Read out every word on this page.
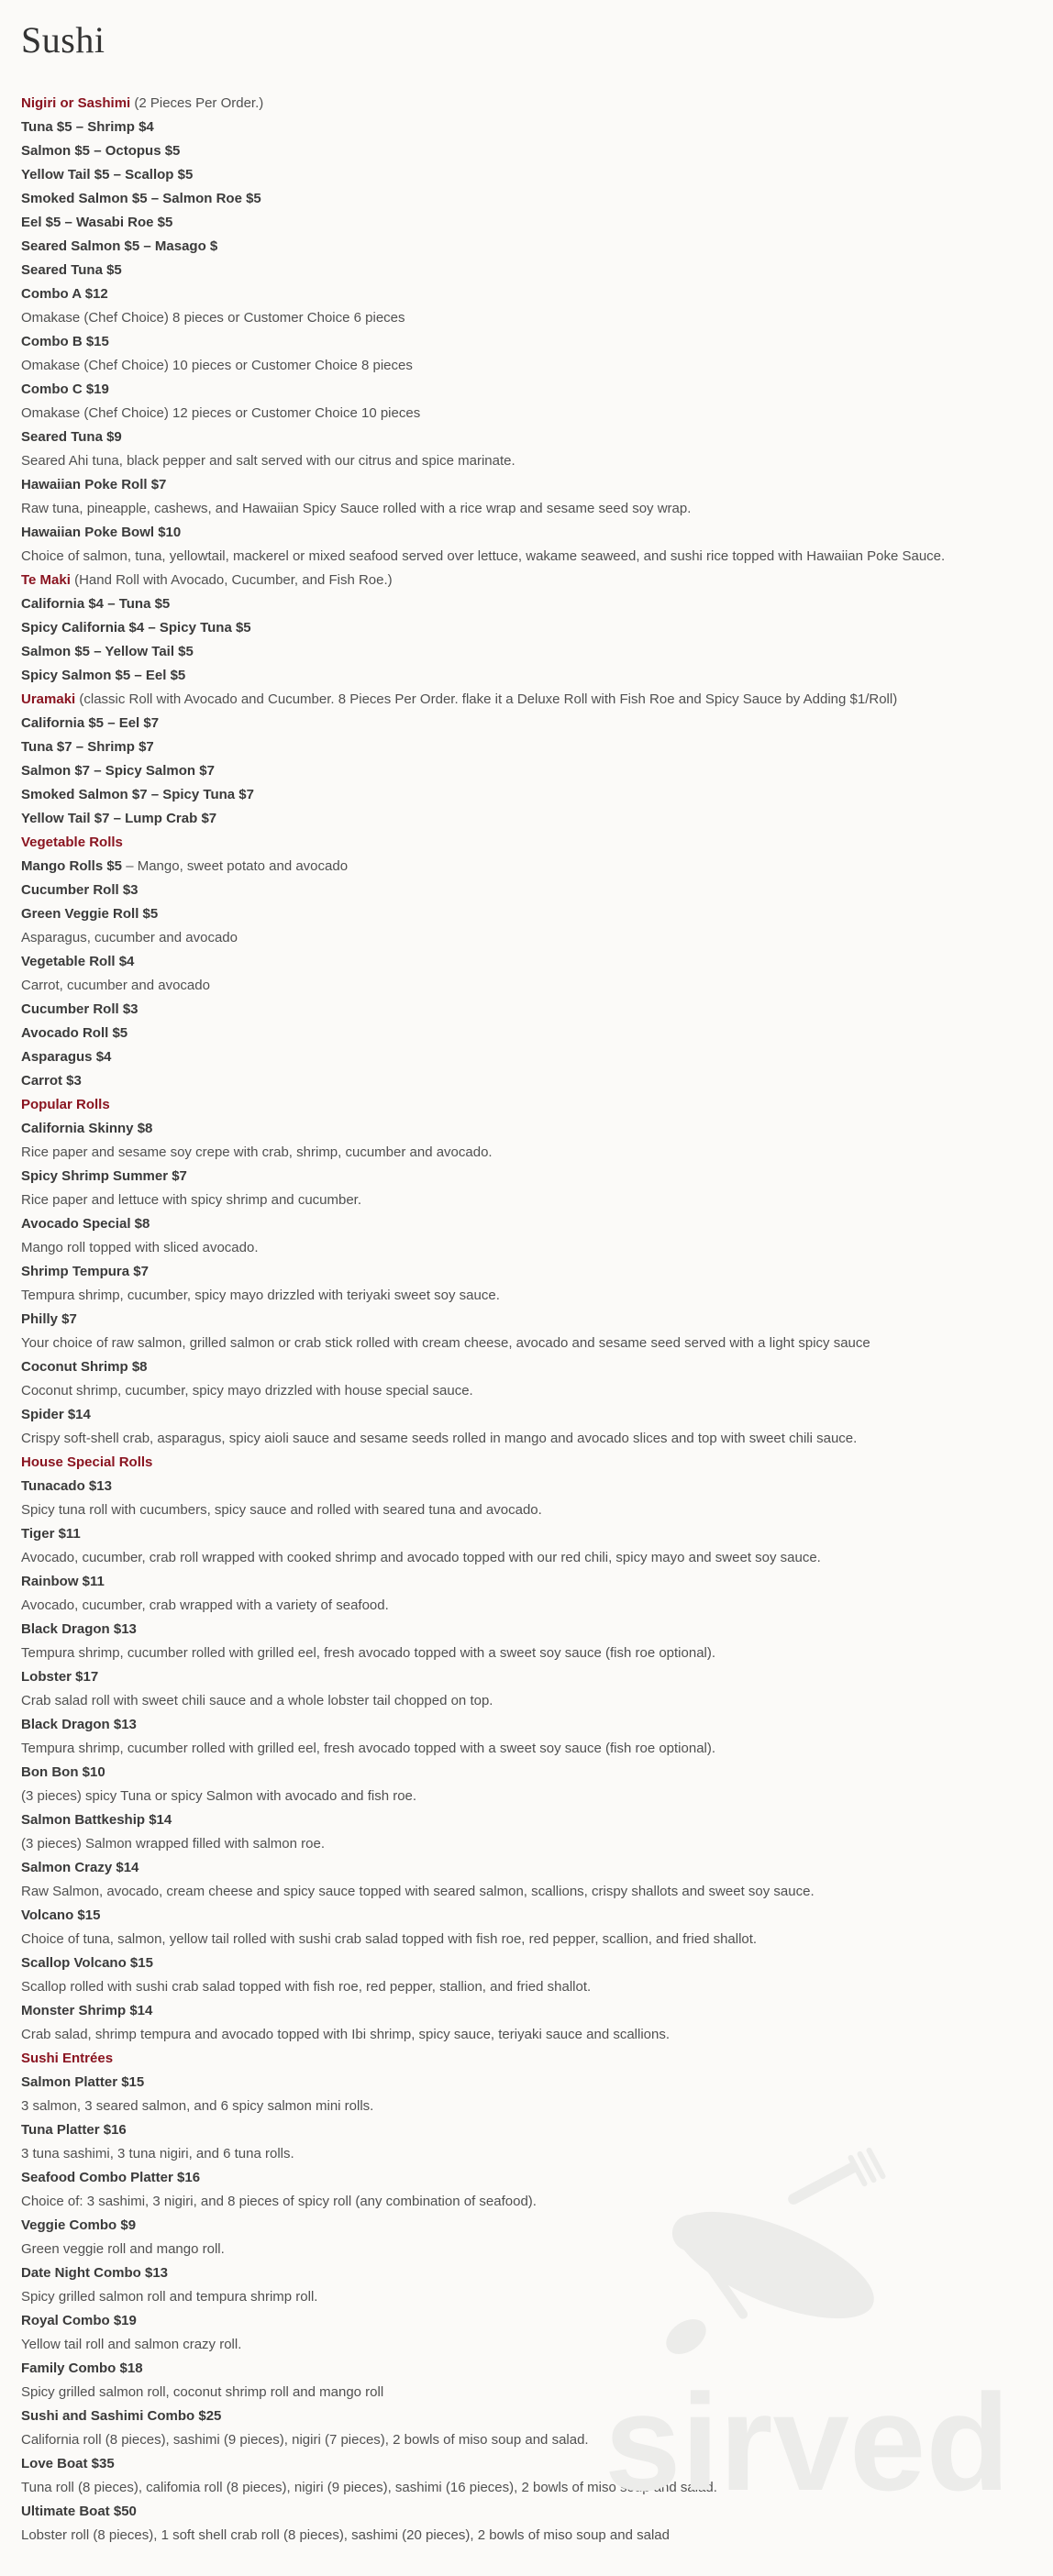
Sushi
Nigiri or Sashimi (2 Pieces Per Order.)
Tuna $5 – Shrimp $4
Salmon $5 – Octopus $5
Yellow Tail $5 – Scallop $5
Smoked Salmon $5 – Salmon Roe $5
Eel $5 – Wasabi Roe $5
Seared Salmon $5 – Masago $
Seared Tuna $5
Combo A $12
Omakase (Chef Choice) 8 pieces or Customer Choice 6 pieces
Combo B $15
Omakase (Chef Choice) 10 pieces or Customer Choice 8 pieces
Combo C $19
Omakase (Chef Choice) 12 pieces or Customer Choice 10 pieces
Seared Tuna $9
Seared Ahi tuna, black pepper and salt served with our citrus and spice marinate.
Hawaiian Poke Roll $7
Raw tuna, pineapple, cashews, and Hawaiian Spicy Sauce rolled with a rice wrap and sesame seed soy wrap.
Hawaiian Poke Bowl $10
Choice of salmon, tuna, yellowtail, mackerel or mixed seafood served over lettuce, wakame seaweed, and sushi rice topped with Hawaiian Poke Sauce.
Te Maki (Hand Roll with Avocado, Cucumber, and Fish Roe.)
California $4 – Tuna $5
Spicy California $4 – Spicy Tuna $5
Salmon $5 – Yellow Tail $5
Spicy Salmon $5 – Eel $5
Uramaki (classic Roll with Avocado and Cucumber. 8 Pieces Per Order. flake it a Deluxe Roll with Fish Roe and Spicy Sauce by Adding $1/Roll)
California $5 – Eel $7
Tuna $7 – Shrimp $7
Salmon $7 – Spicy Salmon $7
Smoked Salmon $7 – Spicy Tuna $7
Yellow Tail $7 – Lump Crab $7
Vegetable Rolls
Mango Rolls $5 – Mango, sweet potato and avocado
Cucumber Roll $3
Green Veggie Roll $5
Asparagus, cucumber and avocado
Vegetable Roll $4
Carrot, cucumber and avocado
Cucumber Roll $3
Avocado Roll $5
Asparagus $4
Carrot $3
Popular Rolls
California Skinny $8
Rice paper and sesame soy crepe with crab, shrimp, cucumber and avocado.
Spicy Shrimp Summer $7
Rice paper and lettuce with spicy shrimp and cucumber.
Avocado Special $8
Mango roll topped with sliced avocado.
Shrimp Tempura $7
Tempura shrimp, cucumber, spicy mayo drizzled with teriyaki sweet soy sauce.
Philly $7
Your choice of raw salmon, grilled salmon or crab stick rolled with cream cheese, avocado and sesame seed served with a light spicy sauce
Coconut Shrimp $8
Coconut shrimp, cucumber, spicy mayo drizzled with house special sauce.
Spider $14
Crispy soft-shell crab, asparagus, spicy aioli sauce and sesame seeds rolled in mango and avocado slices and top with sweet chili sauce.
House Special Rolls
Tunacado $13
Spicy tuna roll with cucumbers, spicy sauce and rolled with seared tuna and avocado.
Tiger $11
Avocado, cucumber, crab roll wrapped with cooked shrimp and avocado topped with our red chili, spicy mayo and sweet soy sauce.
Rainbow $11
Avocado, cucumber, crab wrapped with a variety of seafood.
Black Dragon $13
Tempura shrimp, cucumber rolled with grilled eel, fresh avocado topped with a sweet soy sauce (fish roe optional).
Lobster $17
Crab salad roll with sweet chili sauce and a whole lobster tail chopped on top.
Black Dragon $13
Tempura shrimp, cucumber rolled with grilled eel, fresh avocado topped with a sweet soy sauce (fish roe optional).
Bon Bon $10
(3 pieces) spicy Tuna or spicy Salmon with avocado and fish roe.
Salmon Battkeship $14
(3 pieces) Salmon wrapped filled with salmon roe.
Salmon Crazy $14
Raw Salmon, avocado, cream cheese and spicy sauce topped with seared salmon, scallions, crispy shallots and sweet soy sauce.
Volcano $15
Choice of tuna, salmon, yellow tail rolled with sushi crab salad topped with fish roe, red pepper, scallion, and fried shallot.
Scallop Volcano $15
Scallop rolled with sushi crab salad topped with fish roe, red pepper, stallion, and fried shallot.
Monster Shrimp $14
Crab salad, shrimp tempura and avocado topped with Ibi shrimp, spicy sauce, teriyaki sauce and scallions.
Sushi Entrées
Salmon Platter $15
3 salmon, 3 seared salmon, and 6 spicy salmon mini rolls.
Tuna Platter $16
3 tuna sashimi, 3 tuna nigiri, and 6 tuna rolls.
Seafood Combo Platter $16
Choice of: 3 sashimi, 3 nigiri, and 8 pieces of spicy roll (any combination of seafood).
Veggie Combo $9
Green veggie roll and mango roll.
Date Night Combo $13
Spicy grilled salmon roll and tempura shrimp roll.
Royal Combo $19
Yellow tail roll and salmon crazy roll.
Family Combo $18
Spicy grilled salmon roll, coconut shrimp roll and mango roll
Sushi and Sashimi Combo $25
California roll (8 pieces), sashimi (9 pieces), nigiri (7 pieces), 2 bowls of miso soup and salad.
Love Boat $35
Tuna roll (8 pieces), califomia roll (8 pieces), nigiri (9 pieces), sashimi (16 pieces), 2 bowls of miso soup and salad.
Ultimate Boat $50
Lobster roll (8 pieces), 1 soft shell crab roll (8 pieces), sashimi (20 pieces), 2 bowls of miso soup and salad
sirved
